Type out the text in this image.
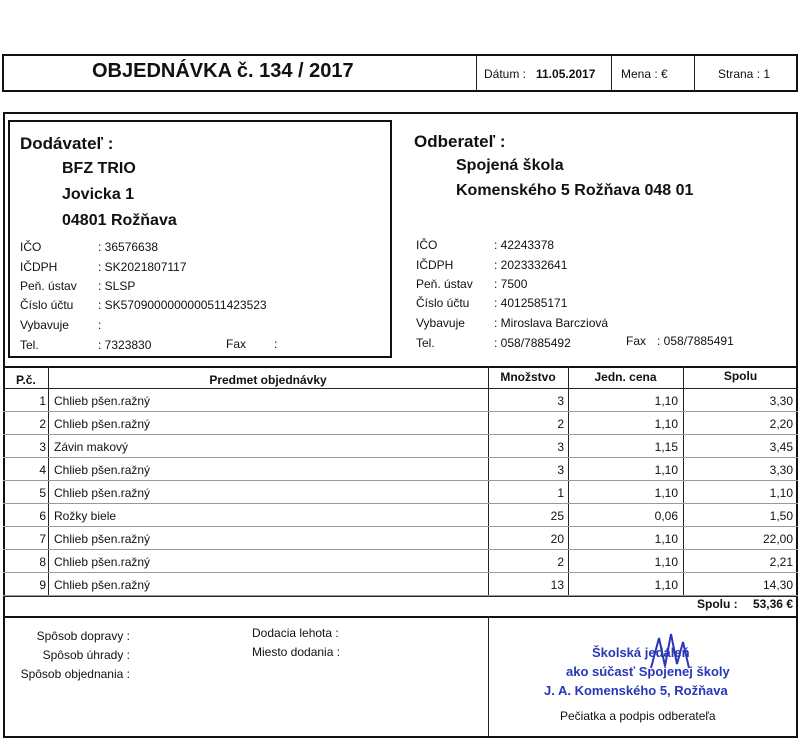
OBJEDNÁVKA č. 134 / 2017	Dátum : 11.05.2017 Mena : €	Strana : 1
Dodávateľ :
BFZ TRIO
Jovicka 1
04801 Rožňava
IČO	: 36576638
IČDPH	: SK2021807117
Peň. ústav : SLSP
Číslo účtu : SK5709000000000511423523
Vybavuje :
Tel.	: 7323830	Fax :
Odberateľ :
Spojená škola
Komenského 5 Rožňava 048 01
IČO	: 42243378
IČDPH	: 2023332641
Peň. ústav : 7500
Číslo účtu : 4012585171
Vybavuje : Miroslava Barcziová
Tel.	: 058/7885492	Fax : 058/7885491
P.č.	Predmet objednávky	Množstvo	Jedn. cena	Spolu
1 Chlieb pšen.ražný	3	1,10	3,30
2 Chlieb pšen.ražný	2	1,10	2,20
3 Závin makový	3	1,15	3,45
4 Chlieb pšen.ražný	3	1,10	3,30
5 Chlieb pšen.ražný	1	1,10	1,10
6 Rožky biele	25	0,06	1,50
7 Chlieb pšen.ražný	20	1,10	22,00
8 Chlieb pšen.ražný	2	1,10	2,21
9 Chlieb pšen.ražný	13	1,10	14,30
Spolu :	53,36 €
Spôsob dopravy :
Spôsob úhrady :
Spôsob objednania :
Dodacia lehota :
Miesto dodania :	Školská jedáleň
ako súčasť Spojenej školy
J. A. Komenského 5, Rožňava
Pečiatka a podpis odberateľa
